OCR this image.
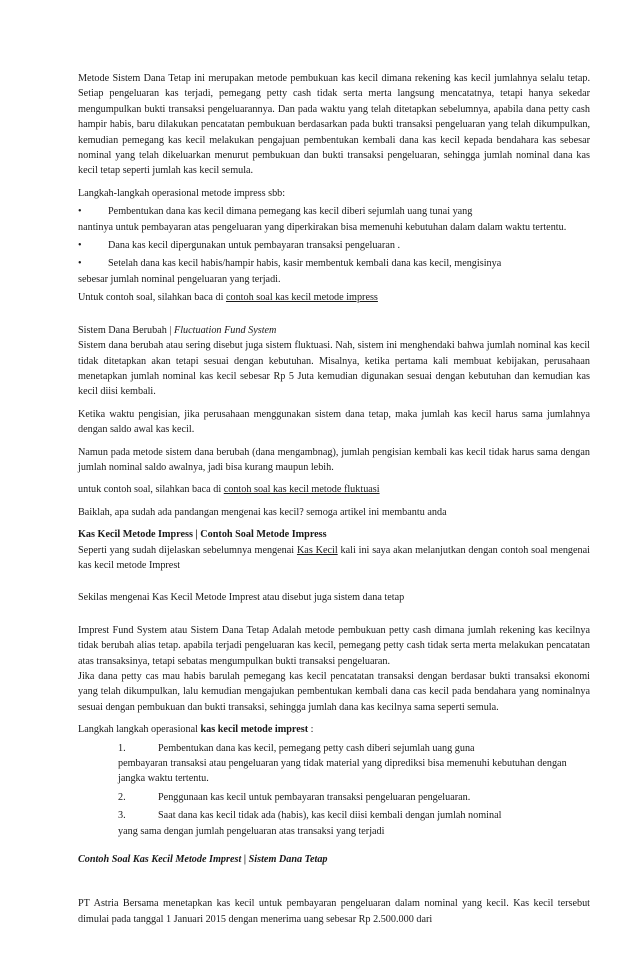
Metode Sistem Dana Tetap ini merupakan metode pembukuan kas kecil dimana rekening kas kecil jumlahnya selalu tetap. Setiap pengeluaran kas terjadi, pemegang petty cash tidak serta merta langsung mencatatnya, tetapi hanya sekedar mengumpulkan bukti transaksi pengeluarannya. Dan pada waktu yang telah ditetapkan sebelumnya, apabila dana petty cash hampir habis, baru dilakukan pencatatan pembukuan berdasarkan pada bukti transaksi pengeluaran yang telah dikumpulkan, kemudian pemegang kas kecil melakukan pengajuan pembentukan kembali dana kas kecil kepada bendahara kas sebesar nominal yang telah dikeluarkan menurut pembukuan dan bukti transaksi pengeluaran, sehingga jumlah nominal dana kas kecil tetap seperti jumlah kas kecil semula.

Langkah-langkah operasional metode impress sbb:

•	Pembentukan dana kas kecil dimana pemegang kas kecil diberi sejumlah uang tunai yang
nantinya untuk pembayaran atas pengeluaran yang diperkirakan bisa memenuhi kebutuhan dalam dalam waktu tertentu.
•	Dana kas kecil dipergunakan untuk pembayaran transaksi pengeluaran .
•	Setelah dana kas kecil habis/hampir habis, kasir membentuk kembali dana kas kecil, mengisinya
sebesar jumlah nominal pengeluaran yang terjadi.

Untuk contoh soal, silahkan baca di contoh soal kas kecil metode impress

Sistem Dana Berubah | Fluctuation Fund System

Sistem dana berubah atau sering disebut juga sistem fluktuasi. Nah, sistem ini menghendaki bahwa jumlah nominal kas kecil tidak ditetapkan akan tetapi sesuai dengan kebutuhan. Misalnya, ketika pertama kali membuat kebijakan, perusahaan menetapkan jumlah nominal kas kecil sebesar Rp 5 Juta kemudian digunakan sesuai dengan kebutuhan dan kemudian kas kecil diisi kembali.

Ketika waktu pengisian, jika perusahaan menggunakan sistem dana tetap, maka jumlah kas kecil harus sama jumlahnya dengan saldo awal kas kecil.

Namun pada metode sistem dana berubah (dana mengambnag), jumlah pengisian kembali kas kecil tidak harus sama dengan jumlah nominal saldo awalnya, jadi bisa kurang maupun lebih.

untuk contoh soal, silahkan baca di contoh soal kas kecil metode fluktuasi

Baiklah, apa sudah ada pandangan mengenai kas kecil? semoga artikel ini membantu anda

Kas Kecil Metode Impress | Contoh Soal Metode Impress

Seperti yang sudah dijelaskan sebelumnya mengenai Kas Kecil kali ini saya akan melanjutkan dengan contoh soal mengenai kas kecil metode Imprest

Sekilas mengenai Kas Kecil Metode Imprest atau disebut juga sistem dana tetap

Imprest Fund System atau Sistem Dana Tetap Adalah metode pembukuan petty cash dimana jumlah rekening kas kecilnya tidak berubah alias tetap. apabila terjadi pengeluaran kas kecil, pemegang petty cash tidak serta merta melakukan pencatatan atas transaksinya, tetapi sebatas mengumpulkan bukti transaksi pengeluaran.

Jika dana petty cas mau habis barulah pemegang kas kecil pencatatan transaksi dengan berdasar bukti transaksi ekonomi yang telah dikumpulkan, lalu kemudian mengajukan pembentukan kembali dana cas kecil pada bendahara yang nominalnya sesuai dengan pembukuan dan bukti transaksi, sehingga jumlah dana kas kecilnya sama seperti semula.

Langkah langkah operasional kas kecil metode imprest :

1.	Pembentukan dana kas kecil, pemegang petty cash diberi sejumlah uang guna
pembayaran transaksi atau pengeluaran yang tidak material yang diprediksi bisa memenuhi kebutuhan dengan jangka waktu tertentu.
2.	Penggunaan kas kecil untuk pembayaran transaksi pengeluaran pengeluaran.
3.	Saat dana kas kecil tidak ada (habis), kas kecil diisi kembali dengan jumlah nominal
yang sama dengan jumlah pengeluaran atas transaksi yang terjadi

Contoh Soal Kas Kecil Metode Imprest | Sistem Dana Tetap

PT Astria Bersama menetapkan kas kecil untuk pembayaran pengeluaran dalam nominal yang kecil. Kas kecil tersebut dimulai pada tanggal 1 Januari 2015 dengan menerima uang sebesar Rp 2.500.000 dari
